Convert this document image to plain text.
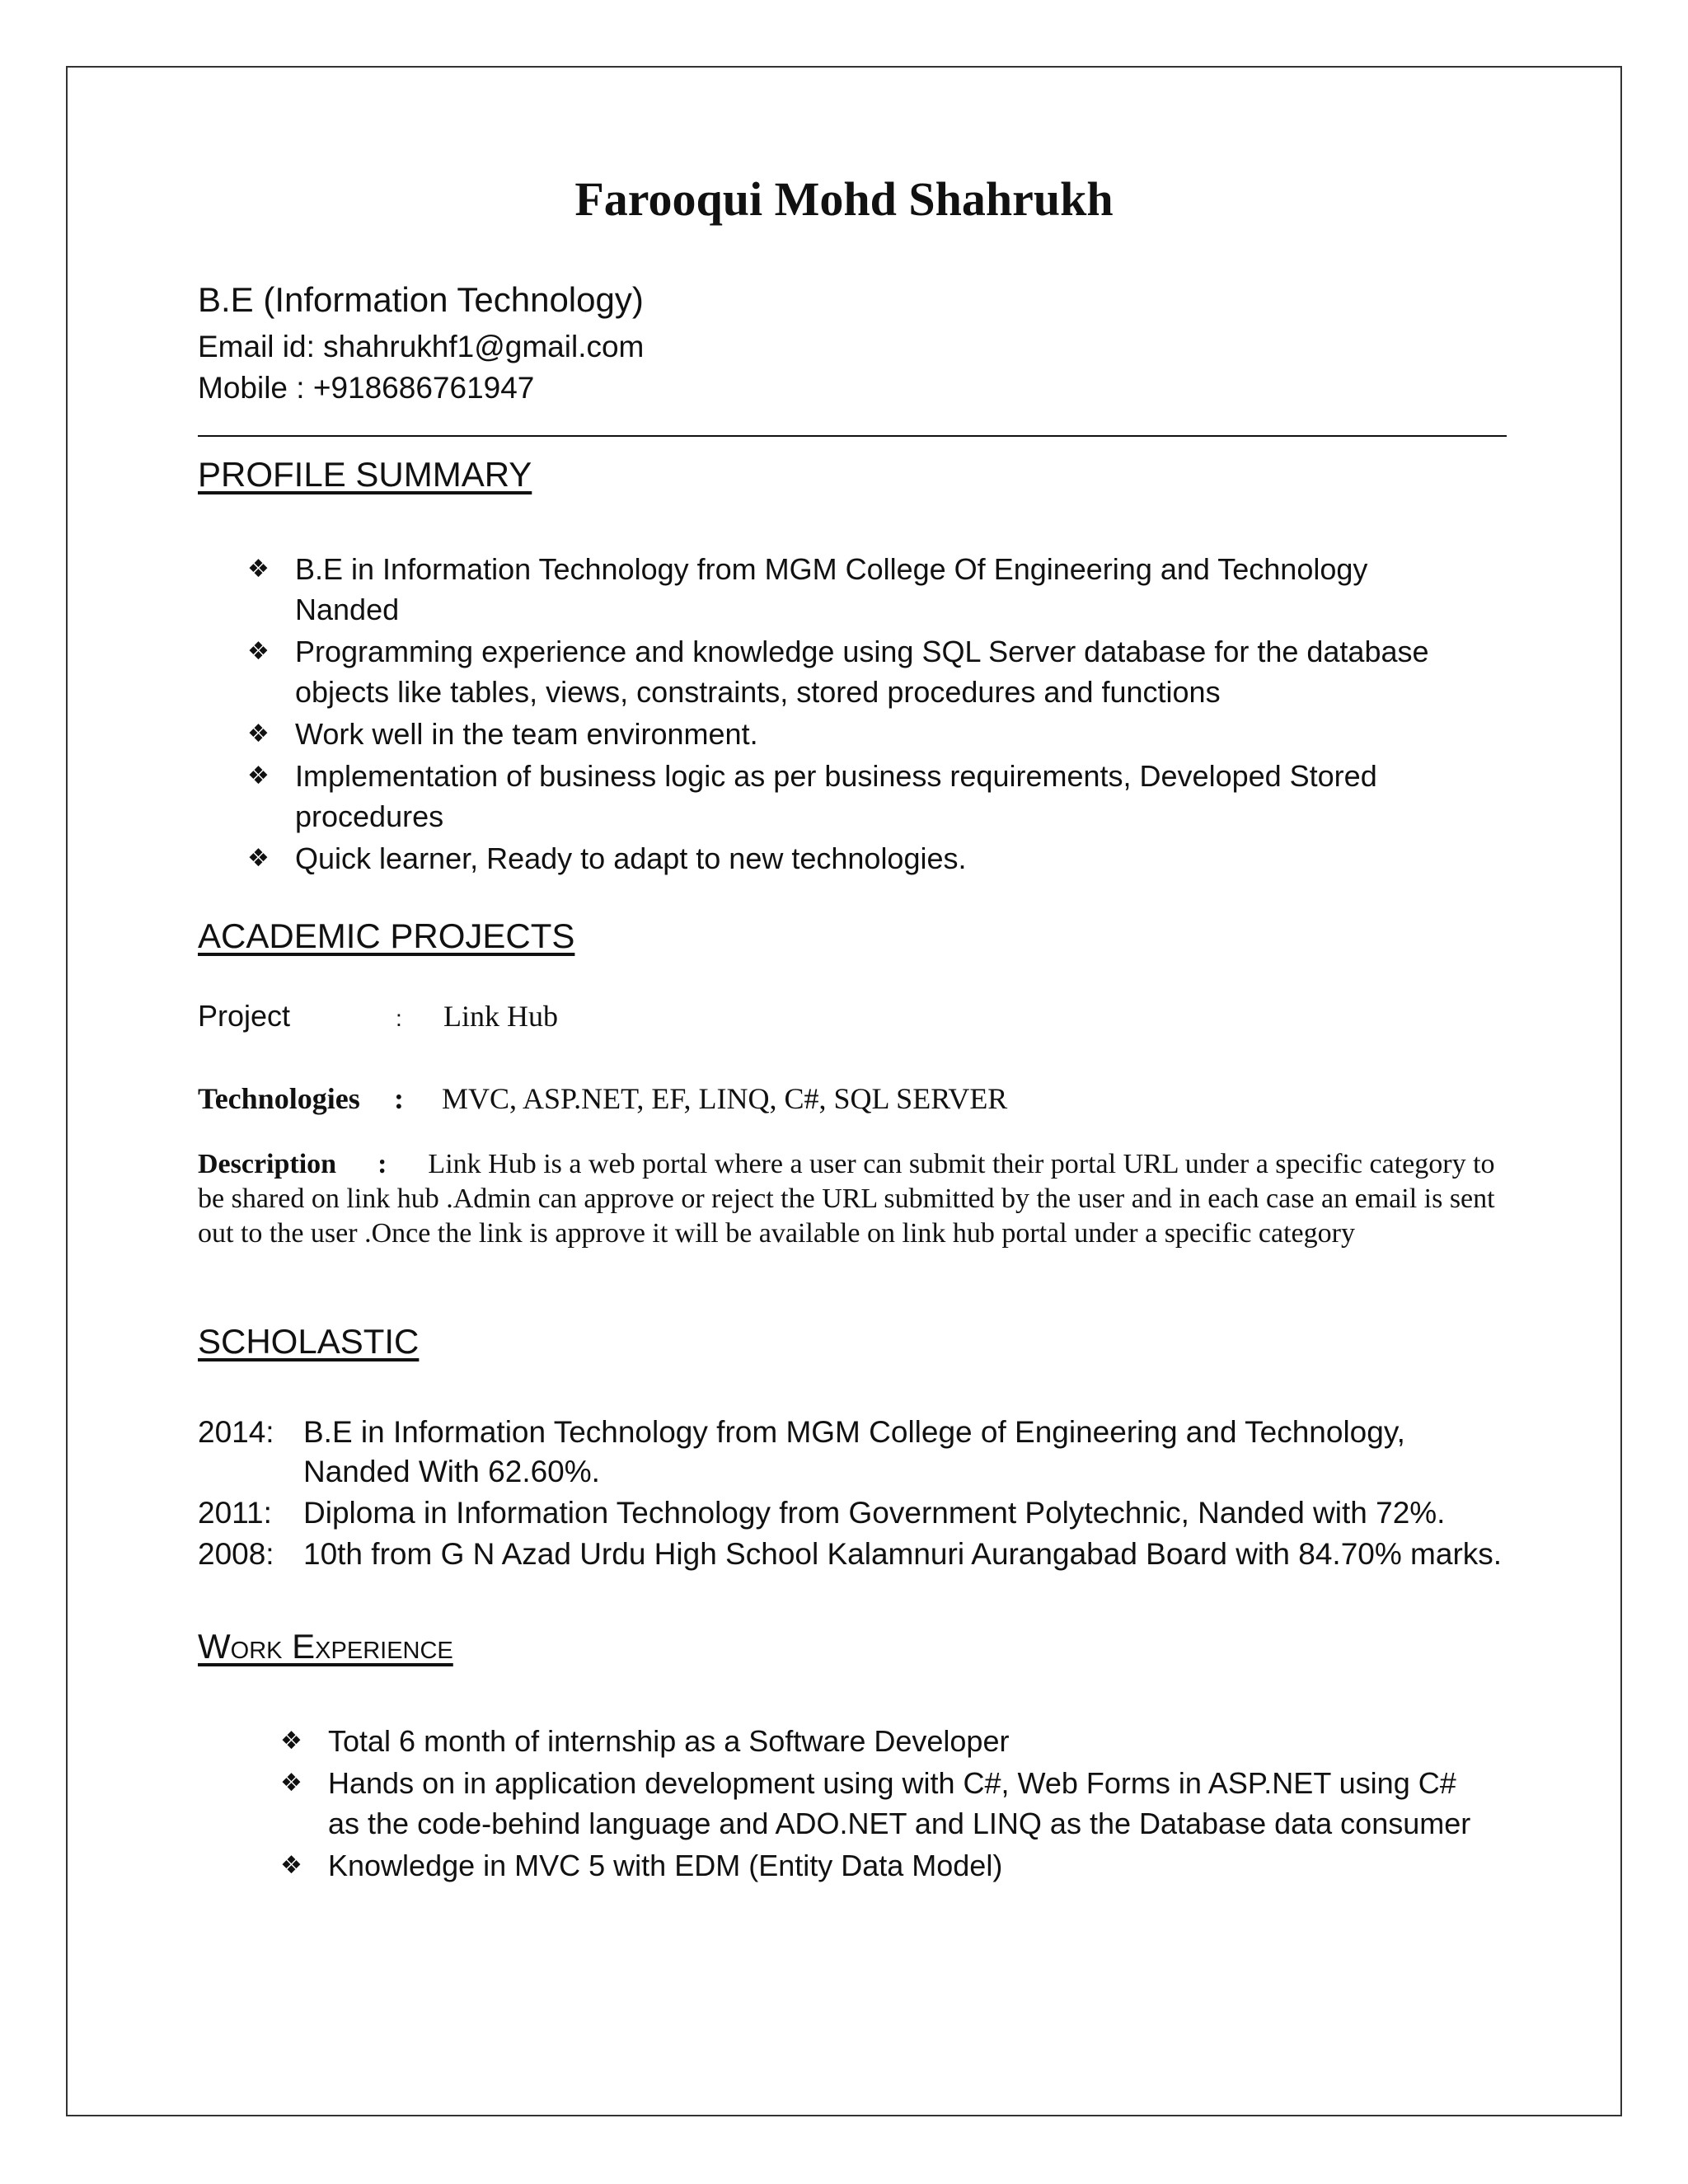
Farooqui Mohd Shahrukh
B.E (Information Technology)
Email id: shahrukhf1@gmail.com
Mobile : +918686761947
PROFILE SUMMARY
❖ B.E in Information Technology from MGM College Of Engineering and Technology Nanded
❖ Programming experience and knowledge using SQL Server database for the database objects like tables, views, constraints, stored procedures and functions
❖ Work well in the team environment.
❖ Implementation of business logic as per business requirements, Developed Stored procedures
❖ Quick learner, Ready to adapt to new technologies.
ACADEMIC PROJECTS
Project	: Link Hub
Technologies : MVC, ASP.NET, EF, LINQ, C#, SQL SERVER
Description : Link Hub is a web portal where a user can submit their portal URL under a specific category to be shared on link hub .Admin can approve or reject the URL submitted by the user and in each case an email is sent out to the user .Once the link is approve it will be available on link hub portal under a specific category
SCHOLASTIC
2014: B.E in Information Technology from MGM College of Engineering and Technology, Nanded With 62.60%.
2011:	Diploma in Information Technology from Government Polytechnic, Nanded with 72%.
2008: 10th from G N Azad Urdu High School Kalamnuri Aurangabad Board with 84.70% marks.
Work Experience
❖ Total 6 month of internship as a Software Developer
❖ Hands on in application development using with C#, Web Forms in ASP.NET using C# as the code-behind language and ADO.NET and LINQ as the Database data consumer
❖ Knowledge in MVC 5 with EDM (Entity Data Model)
